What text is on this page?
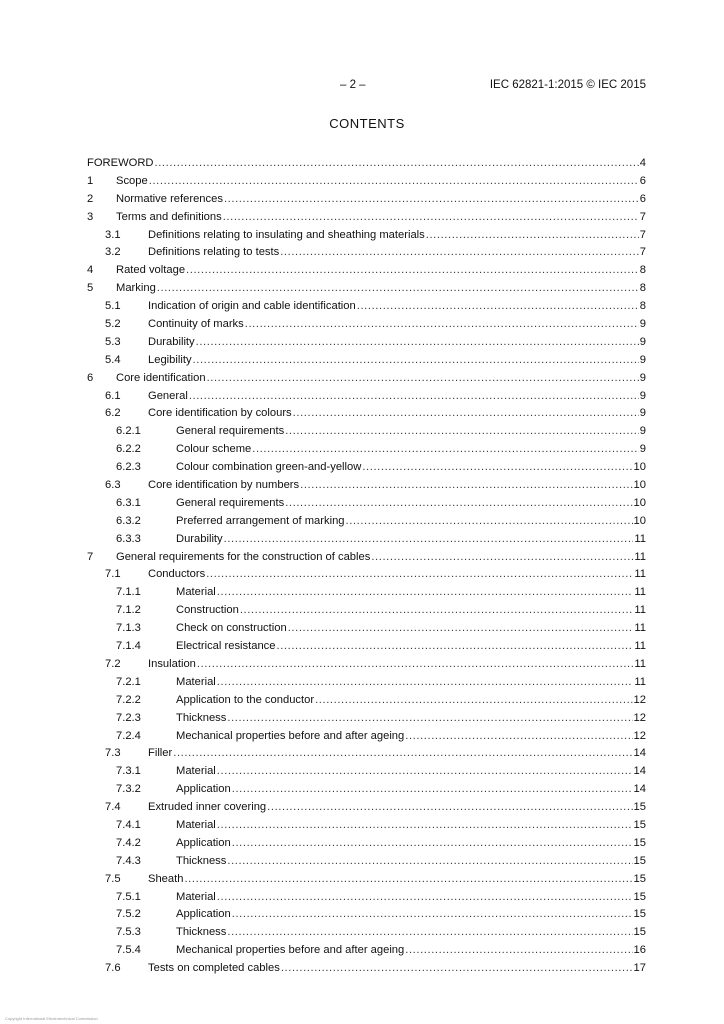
– 2 –	IEC 62821-1:2015 © IEC 2015
CONTENTS
FOREWORD .....	4
1	Scope .....	6
2	Normative references .....	6
3	Terms and definitions .....	7
3.1	Definitions relating to insulating and sheathing materials .....	7
3.2	Definitions relating to tests .....	7
4	Rated voltage .....	8
5	Marking .....	8
5.1	Indication of origin and cable identification .....	8
5.2	Continuity of marks .....	9
5.3	Durability .....	9
5.4	Legibility .....	9
6	Core identification .....	9
6.1	General .....	9
6.2	Core identification by colours .....	9
6.2.1	General requirements .....	9
6.2.2	Colour scheme .....	9
6.2.3	Colour combination green-and-yellow .....	10
6.3	Core identification by numbers .....	10
6.3.1	General requirements .....	10
6.3.2	Preferred arrangement of marking .....	10
6.3.3	Durability .....	11
7	General requirements for the construction of cables .....	11
7.1	Conductors .....	11
7.1.1	Material .....	11
7.1.2	Construction .....	11
7.1.3	Check on construction .....	11
7.1.4	Electrical resistance .....	11
7.2	Insulation .....	11
7.2.1	Material .....	11
7.2.2	Application to the conductor .....	12
7.2.3	Thickness .....	12
7.2.4	Mechanical properties before and after ageing .....	12
7.3	Filler .....	14
7.3.1	Material .....	14
7.3.2	Application .....	14
7.4	Extruded inner covering .....	15
7.4.1	Material .....	15
7.4.2	Application .....	15
7.4.3	Thickness .....	15
7.5	Sheath .....	15
7.5.1	Material .....	15
7.5.2	Application .....	15
7.5.3	Thickness .....	15
7.5.4	Mechanical properties before and after ageing .....	16
7.6	Tests on completed cables .....	17
Copyright International Electrotechnical Commission
